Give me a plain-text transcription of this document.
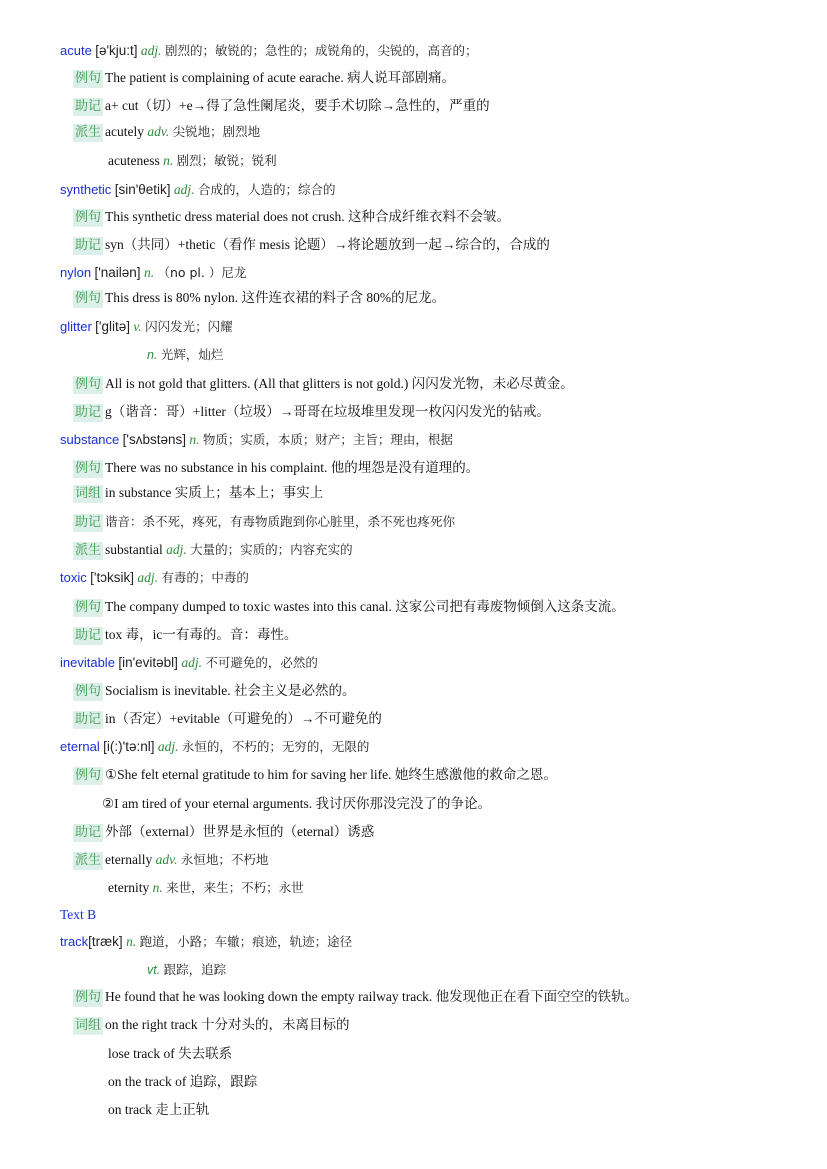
acute [ə'kju:t] adj. 剧烈的；敏锐的；急性的；成锐角的，尖锐的，高音的；
例句 The patient is complaining of acute earache. 病人说耳部剧痛。
助记 a+ cut（切）+e→得了急性阑尾炎，要手术切除→急性的，严重的
派生 acutely adv. 尖锐地；剧烈地
acuteness n. 剧烈；敏锐；锐利
synthetic [sin'θetik] adj. 合成的，人造的；综合的
例句 This synthetic dress material does not crush. 这种合成纤维衣料不会皱。
助记 syn（共同）+thetic（看作 mesis 论题）→将论题放到一起→综合的，合成的
nylon ['nailən] n. （no pl. ）尼龙
例句 This dress is 80% nylon. 这件连衣裙的料子含 80%的尼龙。
glitter ['glitə] v. 闪闪发光；闪耀
n. 光辉，灿烂
例句 All is not gold that glitters. (All that glitters is not gold.) 闪闪发光物，未必尽黄金。
助记 g（谐音：哥）+litter（垃圾）→哥哥在垃圾堆里发现一枚闪闪发光的钻戒。
substance ['sʌbstəns] n. 物质；实质，本质；财产；主旨；理由，根据
例句 There was no substance in his complaint. 他的埋怨是没有道理的。
词组 in substance 实质上；基本上；事实上
助记 谐音：杀不死，疼死，有毒物质跑到你心脏里，杀不死也疼死你
派生 substantial adj. 大量的；实质的；内容充实的
toxic ['tɔksik] adj. 有毒的；中毒的
例句 The company dumped to toxic wastes into this canal. 这家公司把有毒废物倾倒入这条支流。
助记 tox 毒，ic一有毒的。音：毒性。
inevitable [in'evitəbl] adj. 不可避免的，必然的
例句 Socialism is inevitable. 社会主义是必然的。
助记 in（否定）+evitable（可避免的）→不可避免的
eternal [i(:)'tə:nl] adj. 永恒的，不朽的；无穷的，无限的
例句 ①She felt eternal gratitude to him for saving her life. 她终生感激他的救命之恩。
②I am tired of your eternal arguments. 我讨厌你那没完没了的争论。
助记 外部（external）世界是永恒的（eternal）诱惑
派生 eternally adv. 永恒地；不朽地
eternity n. 来世，来生；不朽；永世
Text B
track[træk] n. 跑道，小路；车辙；痕迹，轨迹；途径
vt. 跟踪，追踪
例句 He found that he was looking down the empty railway track. 他发现他正在看下面空空的铁轨。
词组 on the right track 十分对头的，未离目标的
lose track of 失去联系
on the track of 追踪，跟踪
on track 走上正轨
